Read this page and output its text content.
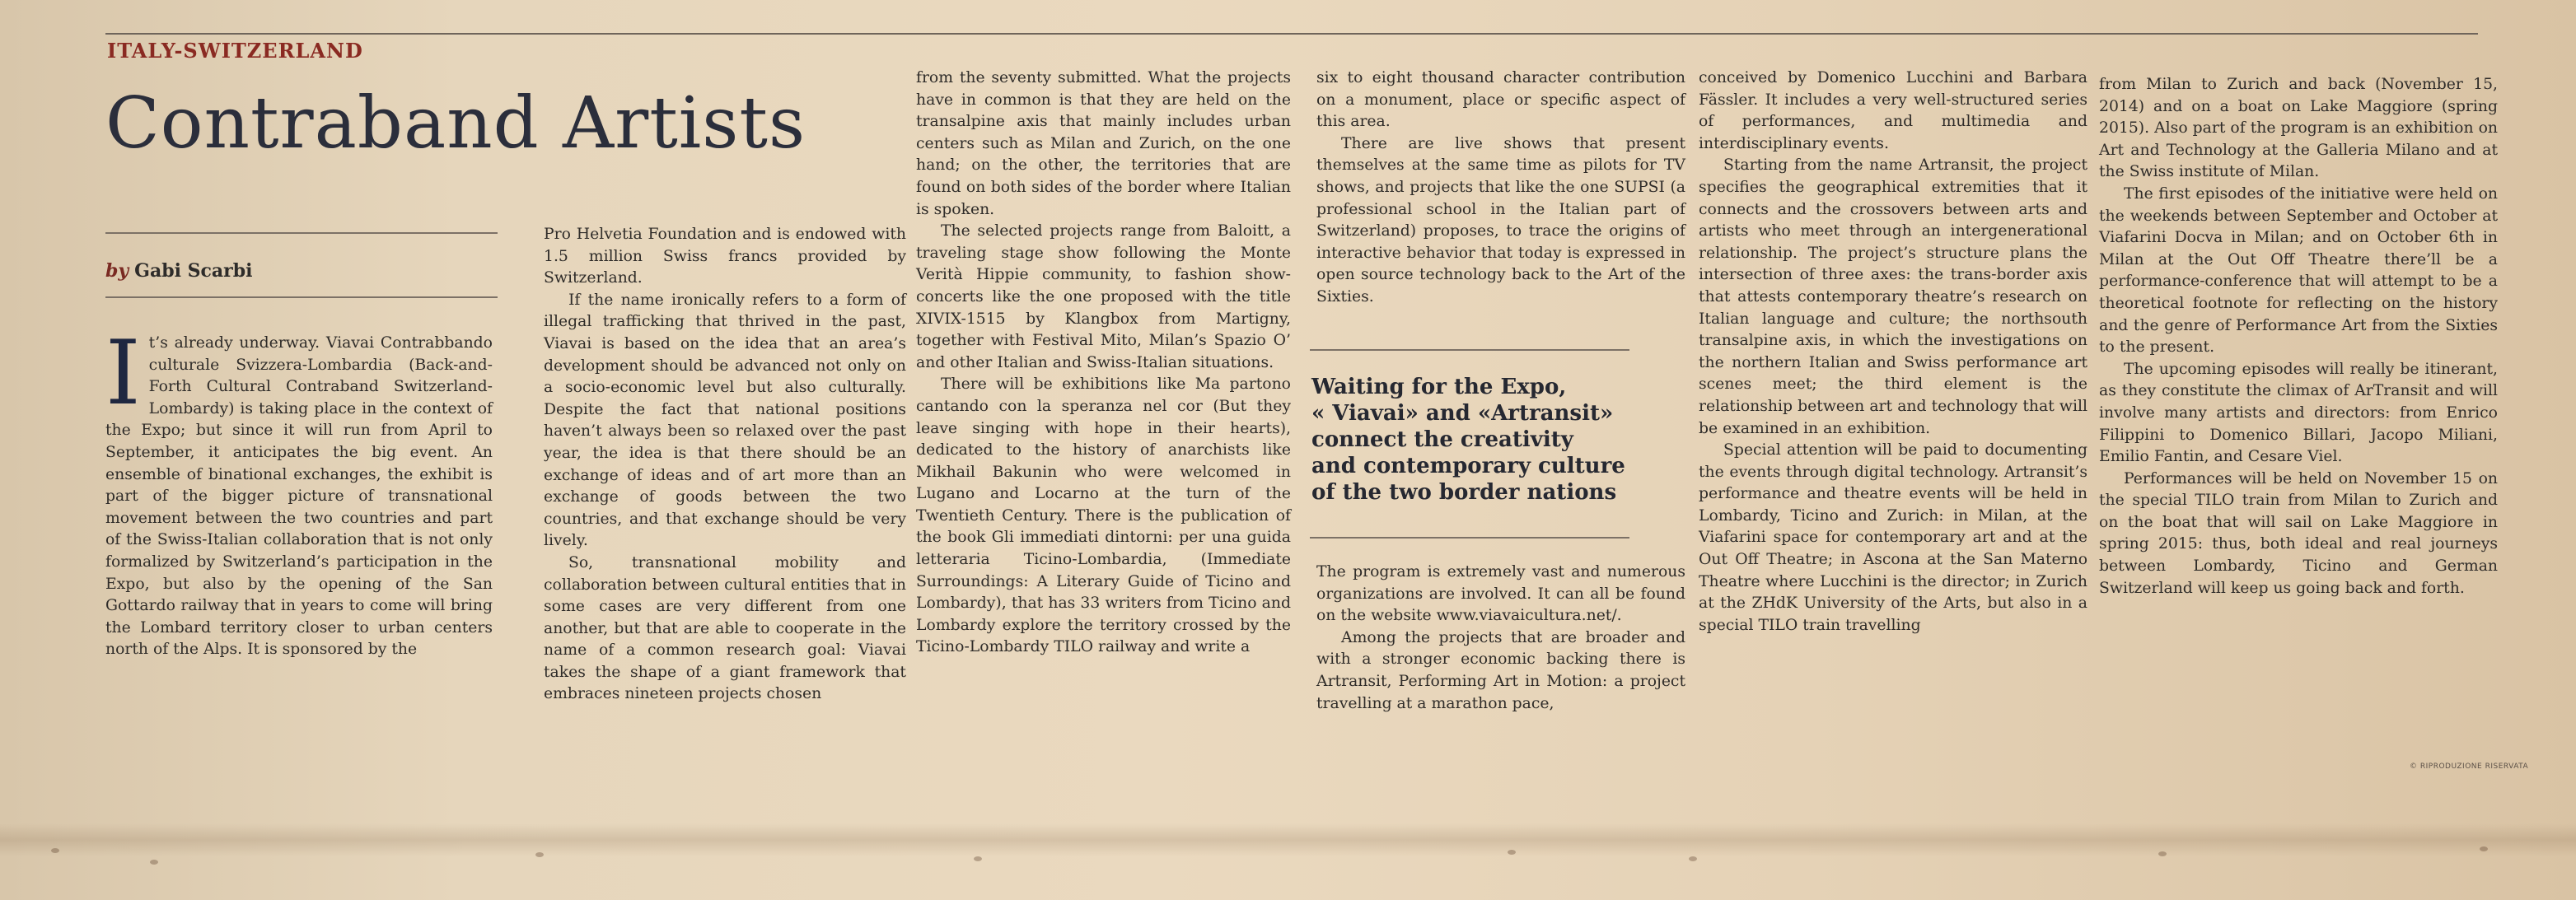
ITALY-SWITZERLAND
Contraband Artists
by Gabi Scarbi
I t’s already underway. Viavai Contrabbando culturale Svizzera-Lombardia (Back-and-Forth Cultural Contraband Switzerland-Lombardy) is taking place in the context of the Expo; but since it will run from April to September, it anticipates the big event. An ensemble of binational exchanges, the exhibit is part of the bigger picture of transnational movement between the two countries and part of the Swiss-Italian collaboration that is not only formalized by Switzerland’s participation in the Expo, but also by the opening of the San Gottardo railway that in years to come will bring the Lombard territory closer to urban centers north of the Alps. It is sponsored by the

Pro Helvetia Foundation and is endowed with 1.5 million Swiss francs provided by Switzerland.

If the name ironically refers to a form of illegal trafficking that thrived in the past, Viavai is based on the idea that an area’s development should be advanced not only on a socio-economic level but also culturally. Despite the fact that national positions haven’t always been so relaxed over the past year, the idea is that there should be an exchange of ideas and of art more than an exchange of goods between the two countries, and that exchange should be very lively.

So, transnational mobility and collaboration between cultural entities that in some cases are very different from one another, but that are able to cooperate in the name of a common research goal: Viavai takes the shape of a giant framework that embraces nineteen projects chosen

from the seventy submitted. What the projects have in common is that they are held on the transalpine axis that mainly includes urban centers such as Milan and Zurich, on the one hand; on the other, the territories that are found on both sides of the border where Italian is spoken.

The selected projects range from Baloitt, a traveling stage show following the Monte Verità Hippie community, to fashion show-concerts like the one proposed with the title XIVIX-1515 by Klangbox from Martigny, together with Festival Mito, Milan’s Spazio O’ and other Italian and Swiss-Italian situations.

There will be exhibitions like Ma partono cantando con la speranza nel cor (But they leave singing with hope in their hearts), dedicated to the history of anarchists like Mikhail Bakunin who were welcomed in Lugano and Locarno at the turn of the Twentieth Century. There is the publication of the book Gli immediati dintorni: per una guida letteraria Ticino-Lombardia, (Immediate Surroundings: A Literary Guide of Ticino and Lombardy), that has 33 writers from Ticino and Lombardy explore the territory crossed by the Ticino-Lombardy TILO railway and write a

six to eight thousand character contribution on a monument, place or specific aspect of this area.

There are live shows that present themselves at the same time as pilots for TV shows, and projects that like the one SUPSI (a professional school in the Italian part of Switzerland) proposes, to trace the origins of interactive behavior that today is expressed in open source technology back to the Art of the Sixties.

Waiting for the Expo,
« Viavai» and «Artransit»
connect the creativity
and contemporary culture
of the two border nations

The program is extremely vast and numerous organizations are involved. It can all be found on the website www.viavaicultura.net/.

Among the projects that are broader and with a stronger economic backing there is Artransit, Performing Art in Motion: a project travelling at a marathon pace,

conceived by Domenico Lucchini and Barbara Fässler. It includes a very well-structured series of performances, and multimedia and interdisciplinary events.

Starting from the name Artransit, the project specifies the geographical extremities that it connects and the crossovers between arts and artists who meet through an intergenerational relationship. The project’s structure plans the intersection of three axes: the trans-border axis that attests contemporary theatre’s research on Italian language and culture; the northsouth transalpine axis, in which the investigations on the northern Italian and Swiss performance art scenes meet; the third element is the relationship between art and technology that will be examined in an exhibition.

Special attention will be paid to documenting the events through digital technology. Artransit’s performance and theatre events will be held in Lombardy, Ticino and Zurich: in Milan, at the Viafarini space for contemporary art and at the Out Off Theatre; in Ascona at the San Materno Theatre where Lucchini is the director; in Zurich at the ZHdK University of the Arts, but also in a special TILO train travelling

from Milan to Zurich and back (November 15, 2014) and on a boat on Lake Maggiore (spring 2015). Also part of the program is an exhibition on Art and Technology at the Galleria Milano and at the Swiss institute of Milan.

The first episodes of the initiative were held on the weekends between September and October at Viafarini Docva in Milan; and on October 6th in Milan at the Out Off Theatre there’ll be a performance-conference that will attempt to be a theoretical footnote for reflecting on the history and the genre of Performance Art from the Sixties to the present.

The upcoming episodes will really be itinerant, as they constitute the climax of ArTransit and will involve many artists and directors: from Enrico Filippini to Domenico Billari, Jacopo Miliani, Emilio Fantin, and Cesare Viel.

Performances will be held on November 15 on the special TILO train from Milan to Zurich and on the boat that will sail on Lake Maggiore in spring 2015: thus, both ideal and real journeys between Lombardy, Ticino and German Switzerland will keep us going back and forth.

© RIPRODUZIONE RISERVATA
